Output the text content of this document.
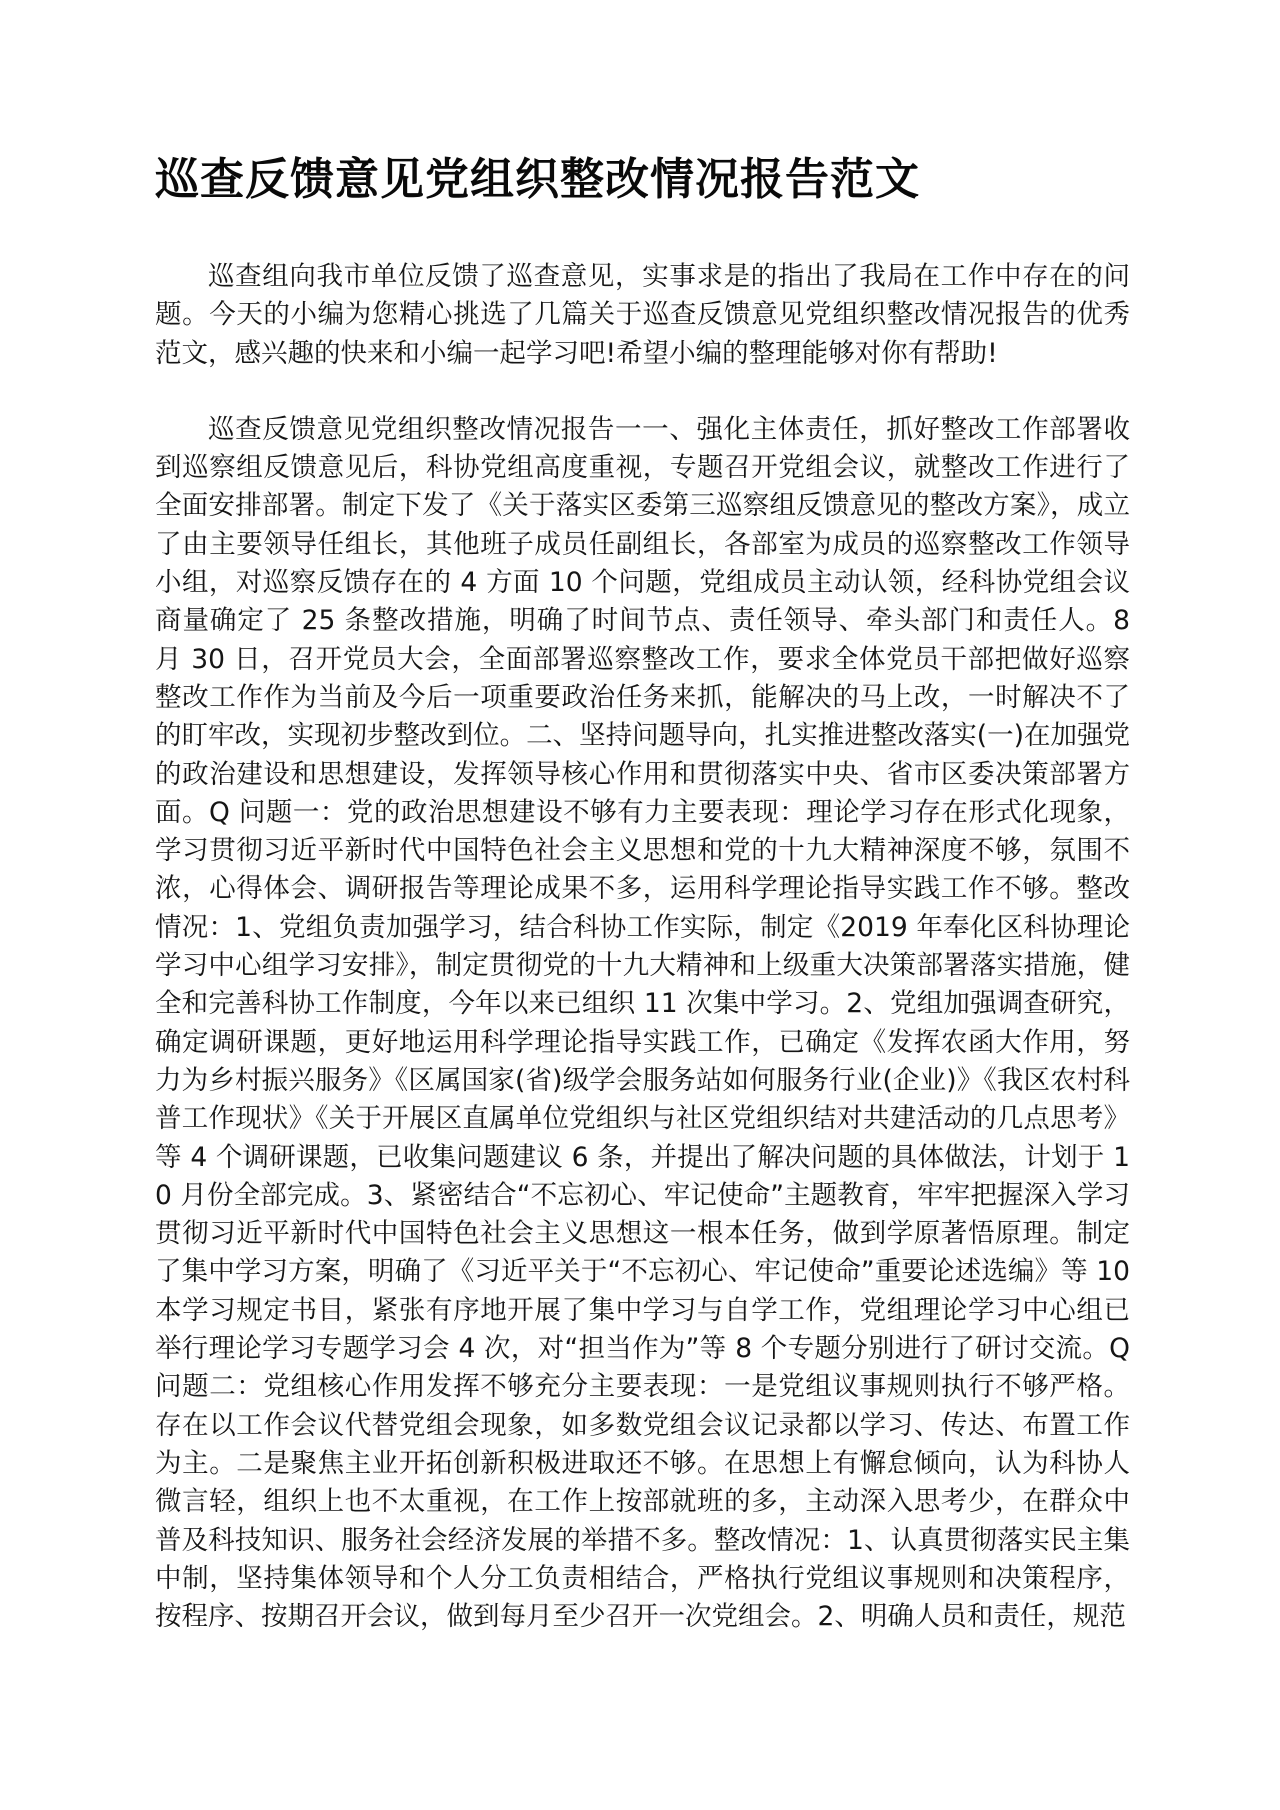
巡查反馈意见党组织整改情况报告范文

巡查组向我市单位反馈了巡查意见，实事求是的指出了我局在工作中存在的问题。今天的小编为您精心挑选了几篇关于巡查反馈意见党组织整改情况报告的优秀范文，感兴趣的快来和小编一起学习吧!希望小编的整理能够对你有帮助!

巡查反馈意见党组织整改情况报告一一、强化主体责任，抓好整改工作部署收到巡察组反馈意见后，科协党组高度重视，专题召开党组会议，就整改工作进行了全面安排部署。制定下发了《关于落实区委第三巡察组反馈意见的整改方案》，成立了由主要领导任组长，其他班子成员任副组长，各部室为成员的巡察整改工作领导小组，对巡察反馈存在的 4 方面 10 个问题，党组成员主动认领，经科协党组会议商量确定了 25 条整改措施，明确了时间节点、责任领导、牵头部门和责任人。8 月 30 日，召开党员大会，全面部署巡察整改工作，要求全体党员干部把做好巡察整改工作作为当前及今后一项重要政治任务来抓，能解决的马上改，一时解决不了的盯牢改，实现初步整改到位。二、坚持问题导向，扎实推进整改落实(一)在加强党的政治建设和思想建设，发挥领导核心作用和贯彻落实中央、省市区委决策部署方面。Q 问题一：党的政治思想建设不够有力主要表现：理论学习存在形式化现象，学习贯彻习近平新时代中国特色社会主义思想和党的十九大精神深度不够，氛围不浓，心得体会、调研报告等理论成果不多，运用科学理论指导实践工作不够。整改情况：1、党组负责加强学习，结合科协工作实际，制定《2019 年奉化区科协理论学习中心组学习安排》，制定贯彻党的十九大精神和上级重大决策部署落实措施，健全和完善科协工作制度，今年以来已组织 11 次集中学习。2、党组加强调查研究，确定调研课题，更好地运用科学理论指导实践工作，已确定《发挥农函大作用，努力为乡村振兴服务》《区属国家(省)级学会服务站如何服务行业(企业)》《我区农村科普工作现状》《关于开展区直属单位党组织与社区党组织结对共建活动的几点思考》等 4 个调研课题，已收集问题建议 6 条，并提出了解决问题的具体做法，计划于 10 月份全部完成。3、紧密结合“不忘初心、牢记使命”主题教育，牢牢把握深入学习贯彻习近平新时代中国特色社会主义思想这一根本任务，做到学原著悟原理。制定了集中学习方案，明确了《习近平关于“不忘初心、牢记使命”重要论述选编》等 10 本学习规定书目，紧张有序地开展了集中学习与自学工作，党组理论学习中心组已举行理论学习专题学习会 4 次，对“担当作为”等 8 个专题分别进行了研讨交流。Q 问题二：党组核心作用发挥不够充分主要表现：一是党组议事规则执行不够严格。存在以工作会议代替党组会现象，如多数党组会议记录都以学习、传达、布置工作为主。二是聚焦主业开拓创新积极进取还不够。在思想上有懈怠倾向，认为科协人微言轻，组织上也不太重视，在工作上按部就班的多，主动深入思考少，在群众中普及科技知识、服务社会经济发展的举措不多。整改情况：1、认真贯彻落实民主集中制，坚持集体领导和个人分工负责相结合，严格执行党组议事规则和决策程序，按程序、按期召开会议，做到每月至少召开一次党组会。2、明确人员和责任，规范
